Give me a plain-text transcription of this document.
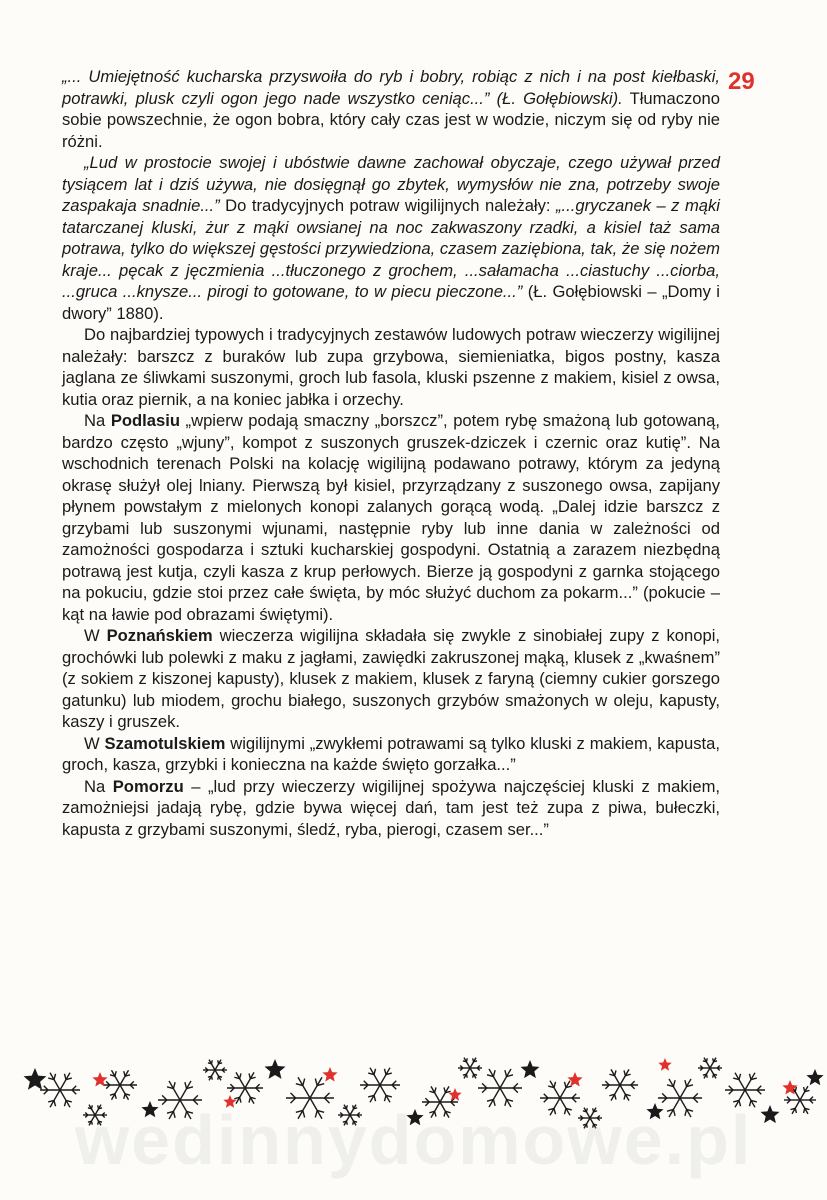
29

„... Umiejętność kucharska przyswoiła do ryb i bobry, robiąc z nich i na post kiełbaski, potrawki, plusk czyli ogon jego nade wszystko ceniąc...” (Ł. Gołębiowski). Tłumaczono sobie powszechnie, że ogon bobra, który cały czas jest w wodzie, niczym się od ryby nie różni.

„Lud w prostocie swojej i ubóstwie dawne zachował obyczaje, czego używał przed tysiącem lat i dziś używa, nie dosięgnął go zbytek, wymysłów nie zna, potrzeby swoje zaspakaja snadnie...” Do tradycyjnych potraw wigilijnych należały: „...gryczanek – z mąki tatarczanej kluski, żur z mąki owsianej na noc zakwaszony rzadki, a kisiel taż sama potrawa, tylko do większej gęstości przywiedziona, czasem zaziębiona, tak, że się nożem kraje... pęcak z jęczmienia ...tłuczonego z grochem, ...sałamacha ...ciastuchy ...ciorba, ...gruca ...knysze... pirogi to gotowane, to w piecu pieczone...” (Ł. Gołębiowski – „Domy i dwory” 1880).

Do najbardziej typowych i tradycyjnych zestawów ludowych potraw wieczerzy wigilijnej należały: barszcz z buraków lub zupa grzybowa, siemieniatka, bigos postny, kasza jaglana ze śliwkami suszonymi, groch lub fasola, kluski pszenne z makiem, kisiel z owsa, kutia oraz piernik, a na koniec jabłka i orzechy.

Na Podlasiu „wpierw podają smaczny „borszcz”, potem rybę smażoną lub gotowaną, bardzo często „wjuny”, kompot z suszonych gruszek-dziczek i czernic oraz kutię”. Na wschodnich terenach Polski na kolację wigilijną podawano potrawy, którym za jedyną okrasę służył olej lniany. Pierwszą był kisiel, przyrządzany z suszonego owsa, zapijany płynem powstałym z mielonych konopi zalanych gorącą wodą. „Dalej idzie barszcz z grzybami lub suszonymi wjunami, następnie ryby lub inne dania w zależności od zamożności gospodarza i sztuki kucharskiej gospodyni. Ostatnią a zarazem niezbędną potrawą jest kutja, czyli kasza z krup perłowych. Bierze ją gospodyni z garnka stojącego na pokuciu, gdzie stoi przez całe święta, by móc służyć duchom za pokarm...” (pokucie – kąt na ławie pod obrazami świętymi).

W Poznańskiem wieczerza wigilijna składała się zwykle z sinobiałej zupy z konopi, grochówki lub polewki z maku z jagłami, zawiędki zakruszonej mąką, klusek z „kwaśnem” (z sokiem z kiszonej kapusty), klusek z makiem, klusek z faryną (ciemny cukier gorszego gatunku) lub miodem, grochu białego, suszonych grzybów smażonych w oleju, kapusty, kaszy i gruszek.

W Szamotulskiem wigilijnymi „zwykłemi potrawami są tylko kluski z makiem, kapusta, groch, kasza, grzybki i konieczna na każde święto gorzałka...”

Na Pomorzu – „lud przy wieczerzy wigilijnej spożywa najczęściej kluski z makiem, zamożniejsi jadają rybę, gdzie bywa więcej dań, tam jest też zupa z piwa, bułeczki, kapusta z grzybami suszonymi, śledź, ryba, pierogi, czasem ser...”

wedinnydomowe.pl
